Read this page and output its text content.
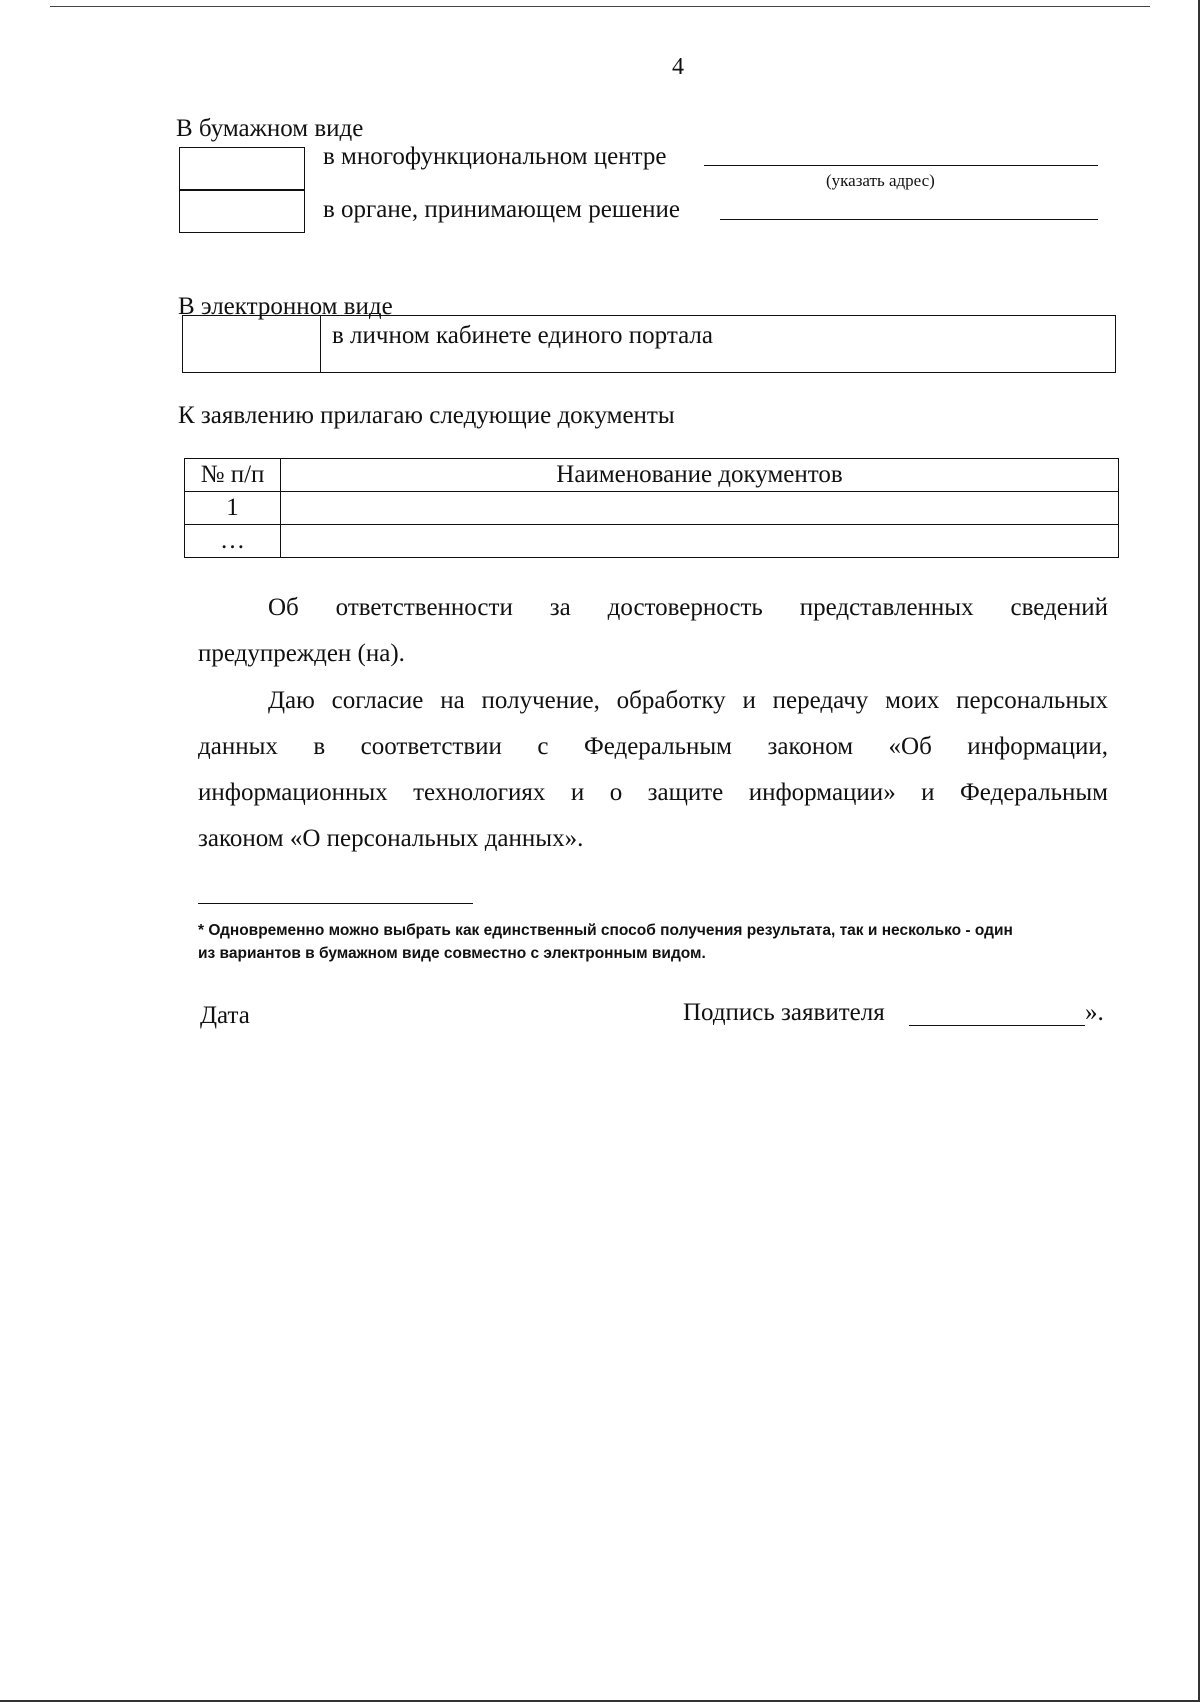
4
В бумажном виде
в многофункциональном центре
(указать адрес)
в органе, принимающем решение
В электронном виде
в личном кабинете единого портала
К заявлению прилагаю следующие документы
№ п/п	Наименование документов
1	
…	

Об ответственности за достоверность представленных сведений

предупрежден (на).

Даю согласие на получение, обработку и передачу моих персональных

данных в соответствии с Федеральным законом «Об информации,

информационных технологиях и о защите информации» и Федеральным

законом «О персональных данных».

* Одновременно можно выбрать как единственный способ получения результата, так и несколько - один
из вариантов в бумажном виде совместно с электронным видом.
Дата	Подпись заявителя	».
